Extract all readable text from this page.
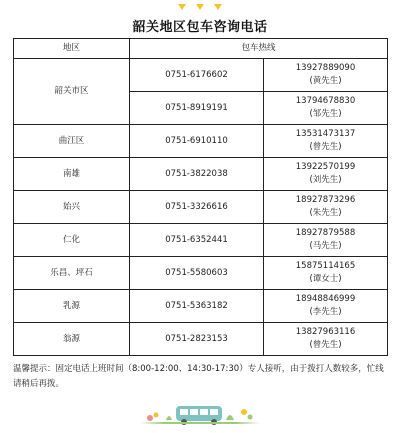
韶关地区包车咨询电话
地区	包车热线	
韶关市区	0751-6176602	13927889090
(黄先生)

	0751-8919191	13794678830
(邹先生)

曲江区	0751-6910110	13531473137
(曾先生)

南雄	0751-3822038	13922570199
(刘先生)

始兴	0751-3326616	18927873296
(朱先生)

仁化	0751-6352441	18927879588
(马先生)

乐昌、坪石	0751-5580603	15875114165
(谭女士)

乳源	0751-5363182	18948846999
(李先生)

翁源	0751-2823153	13827963116
(曾先生)
温馨提示：固定电话上班时间（8:00-12:00、14:30-17:30）专人接听，由于拨打人数较多，忙线请稍后再拨。
